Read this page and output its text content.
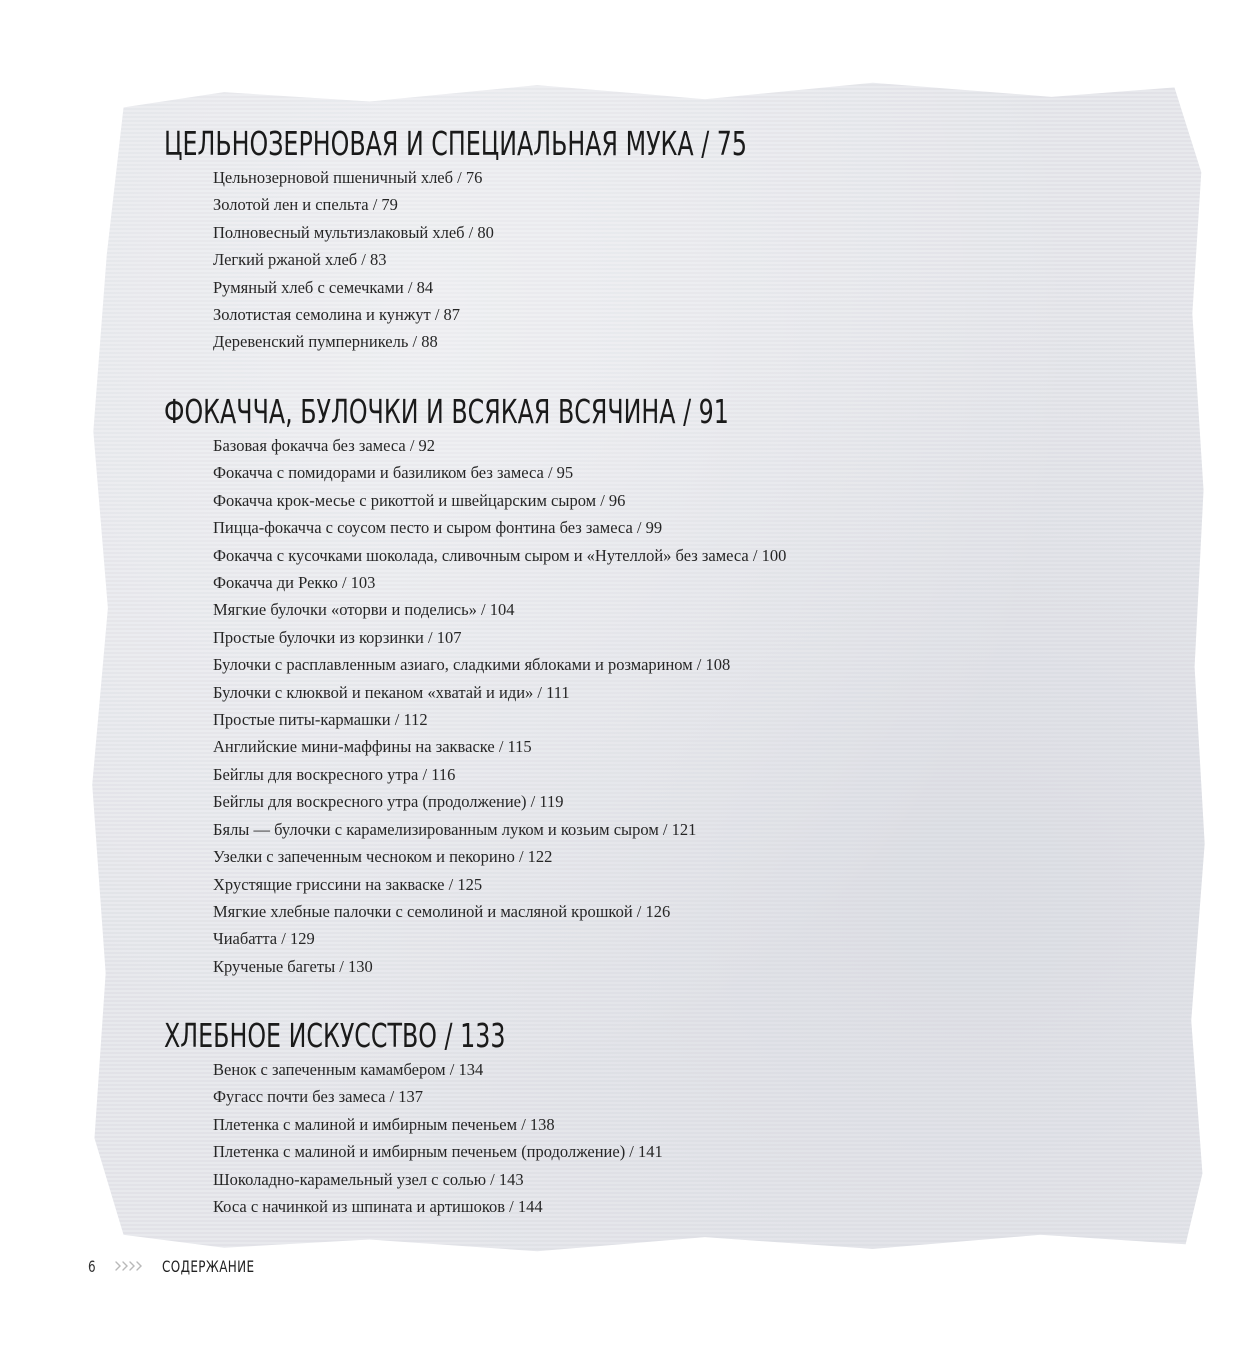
ЦЕЛЬНОЗЕРНОВАЯ И СПЕЦИАЛЬНАЯ МУКА / 75
Цельнозерновой пшеничный хлеб / 76
Золотой лен и спельта / 79
Полновесный мультизлаковый хлеб / 80
Легкий ржаной хлеб / 83
Румяный хлеб с семечками / 84
Золотистая семолина и кунжут / 87
Деревенский пумперникель / 88
ФОКАЧЧА, БУЛОЧКИ И ВСЯКАЯ ВСЯЧИНА / 91
Базовая фокачча без замеса / 92
Фокачча с помидорами и базиликом без замеса / 95
Фокачча крок-месье с рикоттой и швейцарским сыром / 96
Пицца-фокачча с соусом песто и сыром фонтина без замеса / 99
Фокачча с кусочками шоколада, сливочным сыром и «Нутеллой» без замеса / 100
Фокачча ди Рекко / 103
Мягкие булочки «оторви и поделись» / 104
Простые булочки из корзинки / 107
Булочки с расплавленным азиаго, сладкими яблоками и розмарином / 108
Булочки с клюквой и пеканом «хватай и иди» / 111
Простые питы-кармашки / 112
Английские мини-маффины на закваске / 115
Бейглы для воскресного утра / 116
Бейглы для воскресного утра (продолжение) / 119
Бялы — булочки с карамелизированным луком и козьим сыром / 121
Узелки с запеченным чесноком и пекорино / 122
Хрустящие гриссини на закваске / 125
Мягкие хлебные палочки с семолиной и масляной крошкой / 126
Чиабатта / 129
Крученые багеты / 130
ХЛЕБНОЕ ИСКУССТВО / 133
Венок с запеченным камамбером / 134
Фугасс почти без замеса / 137
Плетенка с малиной и имбирным печеньем / 138
Плетенка с малиной и имбирным печеньем (продолжение) / 141
Шоколадно-карамельный узел с солью / 143
Коса с начинкой из шпината и артишоков / 144
6	СОДЕРЖАНИЕ
